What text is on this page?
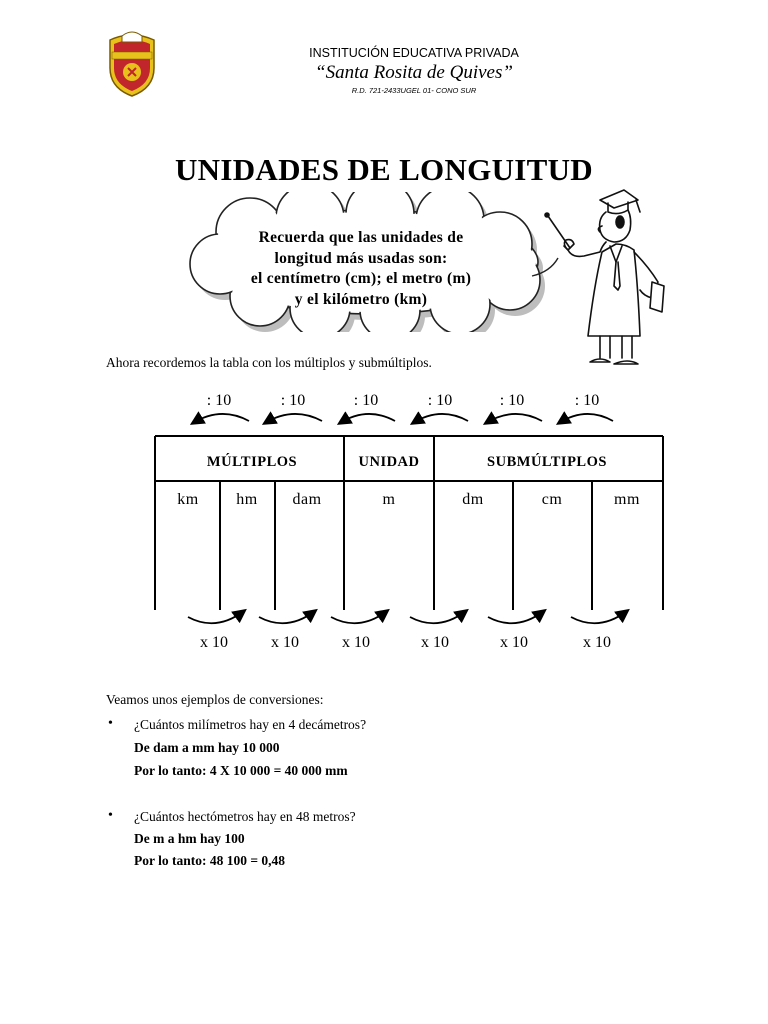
INSTITUCIÓN EDUCATIVA PRIVADA
“Santa Rosita de Quives”
R.D. 721-2433UGEL 01- CONO SUR
UNIDADES DE LONGUITUD
Recuerda que las unidades de
longitud más usadas son:
el centímetro (cm); el metro (m)
y el kilómetro (km)
Ahora recordemos la tabla con los múltiplos y submúltiplos.
: 10	: 10	: 10	: 10	: 10	: 10
MÚLTIPLOS	UNIDAD	SUBMÚLTIPLOS
km hm dam	m	dm	cm	mm
x 10	x 10	x 10	x 10	x 10	x 10
Veamos unos ejemplos de conversiones:
• ¿Cuántos milímetros hay en 4 decámetros?
De dam a mm hay 10 000
Por lo tanto: 4 X 10 000 = 40 000 mm
• ¿Cuántos hectómetros hay en 48 metros?
De m a hm hay 100
Por lo tanto: 48 100 = 0,48
